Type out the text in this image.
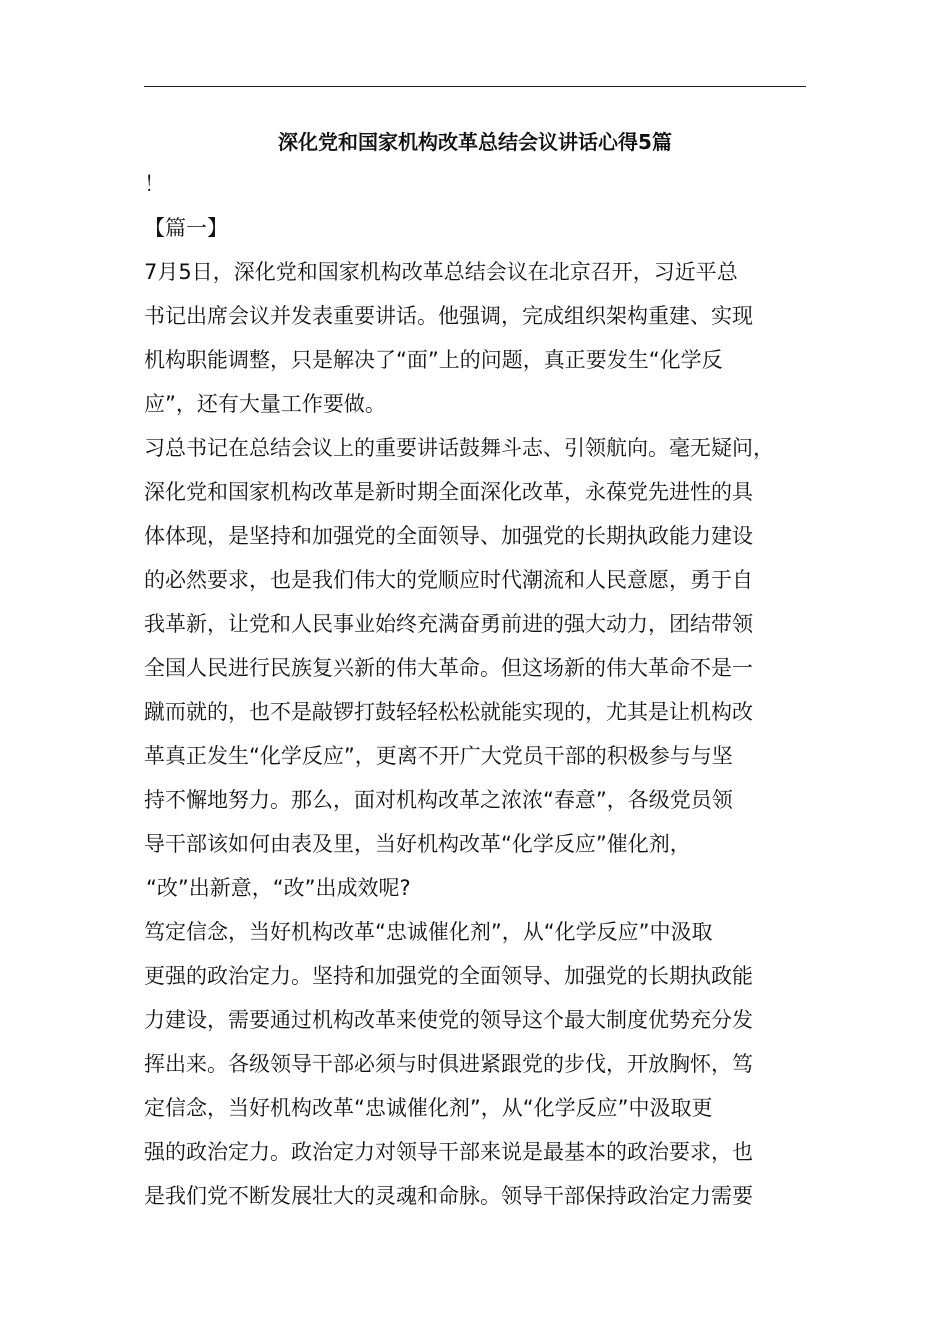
深化党和国家机构改革总结会议讲话心得5篇
！
【篇一】
7月5日，深化党和国家机构改革总结会议在北京召开，习近平总
书记出席会议并发表重要讲话。他强调，完成组织架构重建、实现
机构职能调整，只是解决了“面”上的问题，真正要发生“化学反
应”，还有大量工作要做。
习总书记在总结会议上的重要讲话鼓舞斗志、引领航向。毫无疑问，
深化党和国家机构改革是新时期全面深化改革，永葆党先进性的具
体体现，是坚持和加强党的全面领导、加强党的长期执政能力建设
的必然要求，也是我们伟大的党顺应时代潮流和人民意愿，勇于自
我革新，让党和人民事业始终充满奋勇前进的强大动力，团结带领
全国人民进行民族复兴新的伟大革命。但这场新的伟大革命不是一
蹴而就的，也不是敲锣打鼓轻轻松松就能实现的，尤其是让机构改
革真正发生“化学反应”，更离不开广大党员干部的积极参与与坚
持不懈地努力。那么，面对机构改革之浓浓“春意”，各级党员领
导干部该如何由表及里，当好机构改革“化学反应”催化剂，
“改”出新意，“改”出成效呢?
笃定信念，当好机构改革“忠诚催化剂”，从“化学反应”中汲取
更强的政治定力。坚持和加强党的全面领导、加强党的长期执政能
力建设，需要通过机构改革来使党的领导这个最大制度优势充分发
挥出来。各级领导干部必须与时俱进紧跟党的步伐，开放胸怀，笃
定信念，当好机构改革“忠诚催化剂”，从“化学反应”中汲取更
强的政治定力。政治定力对领导干部来说是最基本的政治要求，也
是我们党不断发展壮大的灵魂和命脉。领导干部保持政治定力需要
